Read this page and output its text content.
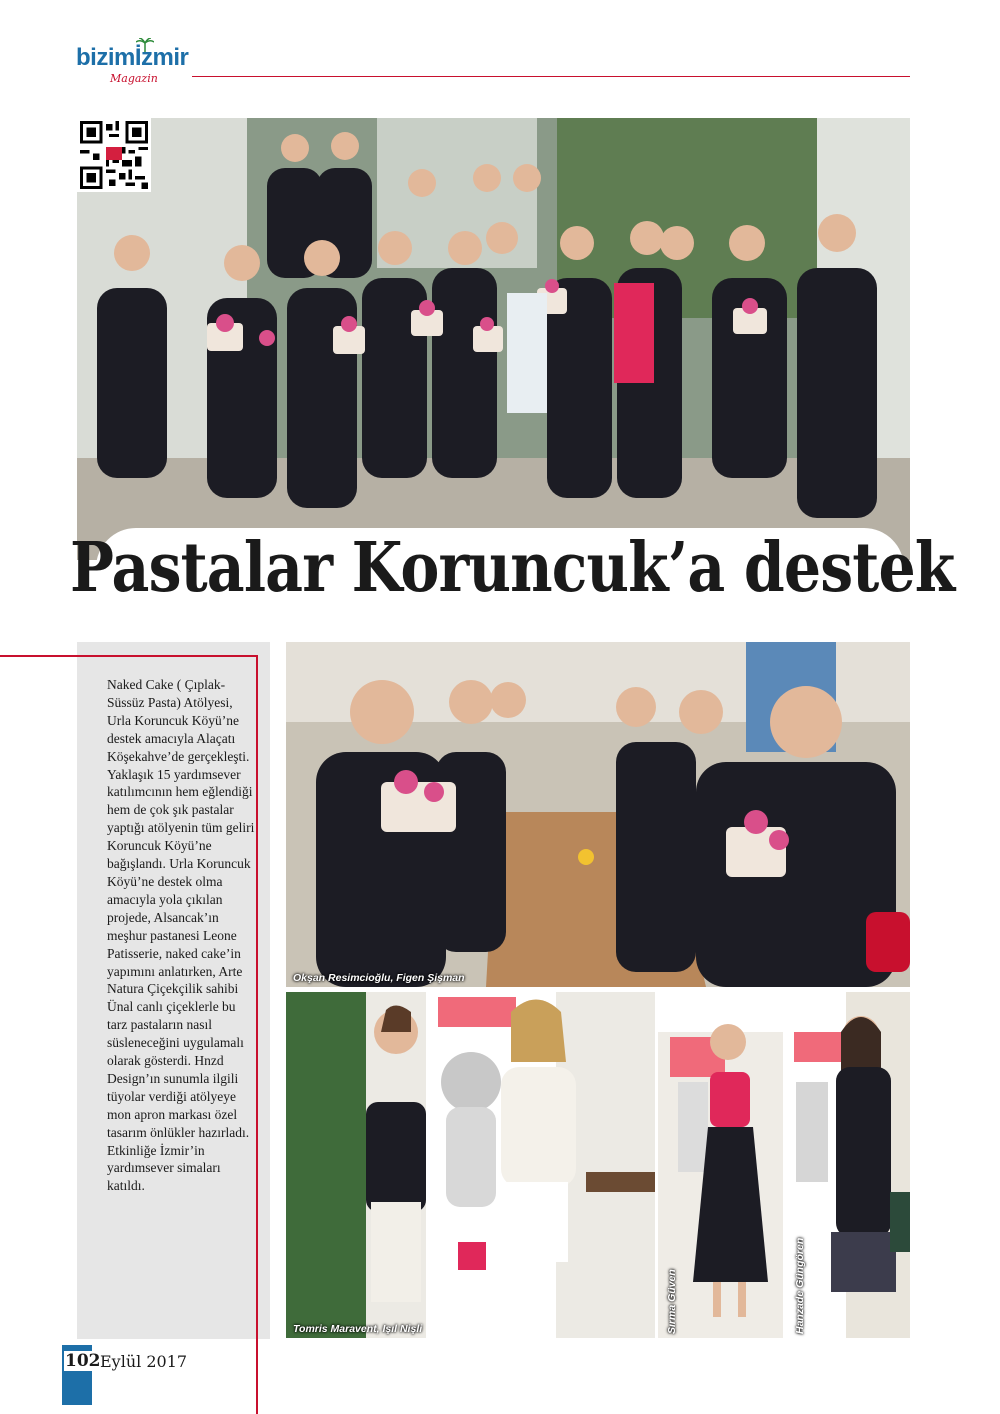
bizimİzmir
Magazin
Pastalar Koruncuk’a destek

Naked Cake ( Çıplak- Süssüz Pasta) Atölyesi, Urla Koruncuk Köyü’ne destek amacıyla Alaçatı Köşekahve’de gerçekleşti. Yaklaşık 15 yardımsever katılımcının hem eğlendiği hem de çok şık pastalar yaptığı atölyenin tüm geliri Koruncuk Köyü’ne bağışlandı. Urla Koruncuk Köyü’ne destek olma amacıyla yola çıkılan projede, Alsancak’ın meşhur pastanesi Leone Patisserie, naked cake’in yapımını anlatırken, Arte Natura Çiçekçilik sahibi Ünal canlı çiçeklerle bu tarz pastaların nasıl süsleneceğini uygulamalı olarak gösterdi. Hnzd Design’ın sunumla ilgili tüyolar verdiği atölyeye mon apron markası özel tasarım önlükler hazırladı. Etkinliğe İzmir’in yardımsever simaları katıldı.

Okşan Resimcioğlu, Figen Şişman
Tomris Maravent, Işıl Nişli	Sırma Güven	Hanzade Güngören
102 Eylül 2017
